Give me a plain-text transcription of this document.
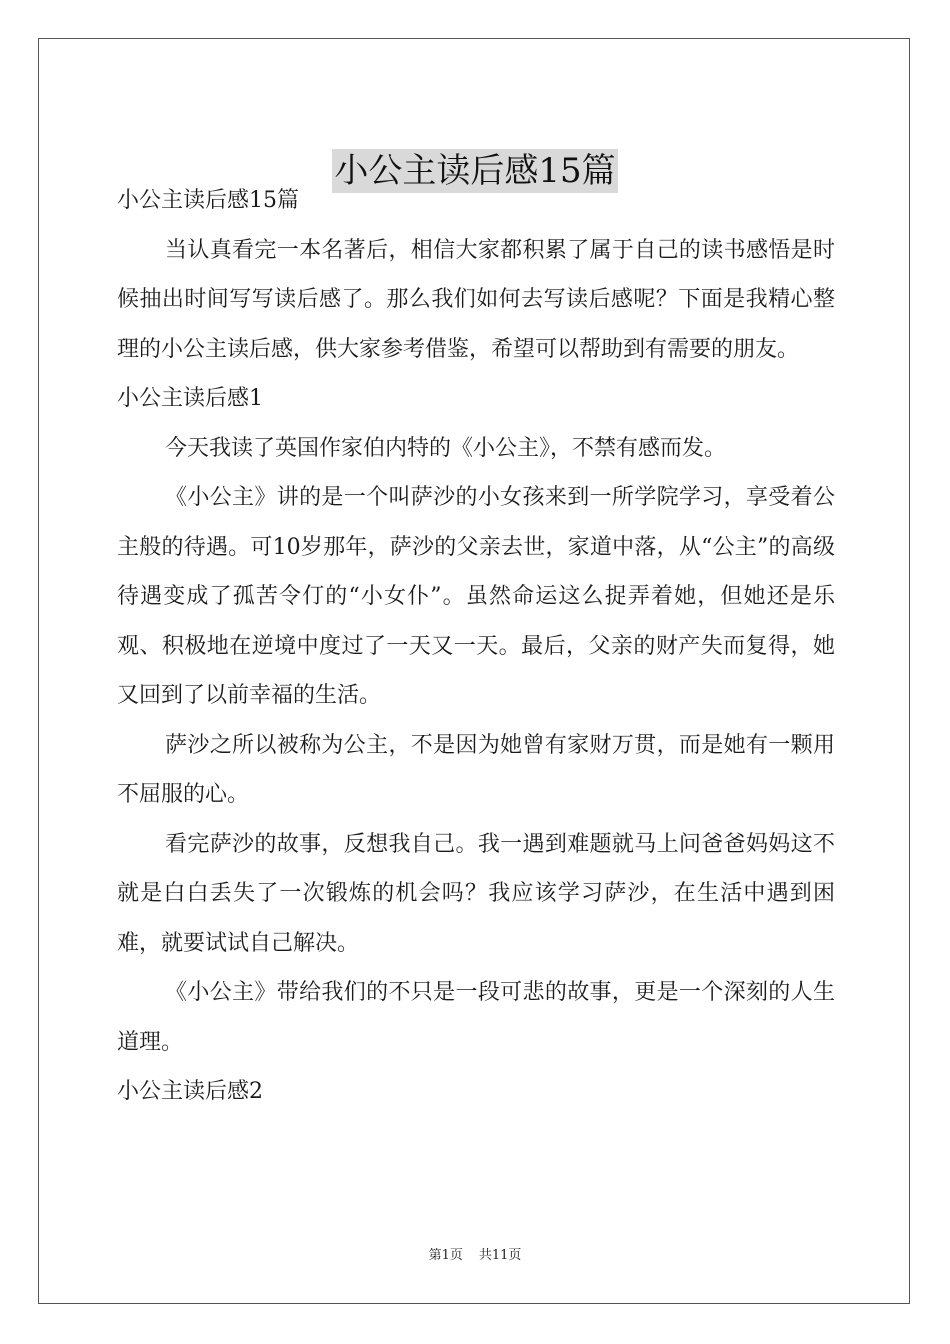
小公主读后感15篇

小公主读后感15篇

当认真看完一本名著后，相信大家都积累了属于自己的读书感悟是时候抽出时间写写读后感了。那么我们如何去写读后感呢？下面是我精心整理的小公主读后感，供大家参考借鉴，希望可以帮助到有需要的朋友。

小公主读后感1

今天我读了英国作家伯内特的《小公主》，不禁有感而发。

《小公主》讲的是一个叫萨沙的小女孩来到一所学院学习，享受着公主般的待遇。可10岁那年，萨沙的父亲去世，家道中落，从“公主”的高级待遇变成了孤苦令仃的“小女仆”。虽然命运这么捉弄着她，但她还是乐观、积极地在逆境中度过了一天又一天。最后，父亲的财产失而复得，她又回到了以前幸福的生活。

萨沙之所以被称为公主，不是因为她曾有家财万贯，而是她有一颗用不屈服的心。

看完萨沙的故事，反想我自己。我一遇到难题就马上问爸爸妈妈这不就是白白丢失了一次锻炼的机会吗？我应该学习萨沙，在生活中遇到困难，就要试试自己解决。

《小公主》带给我们的不只是一段可悲的故事，更是一个深刻的人生道理。

小公主读后感2

第1页 共11页
